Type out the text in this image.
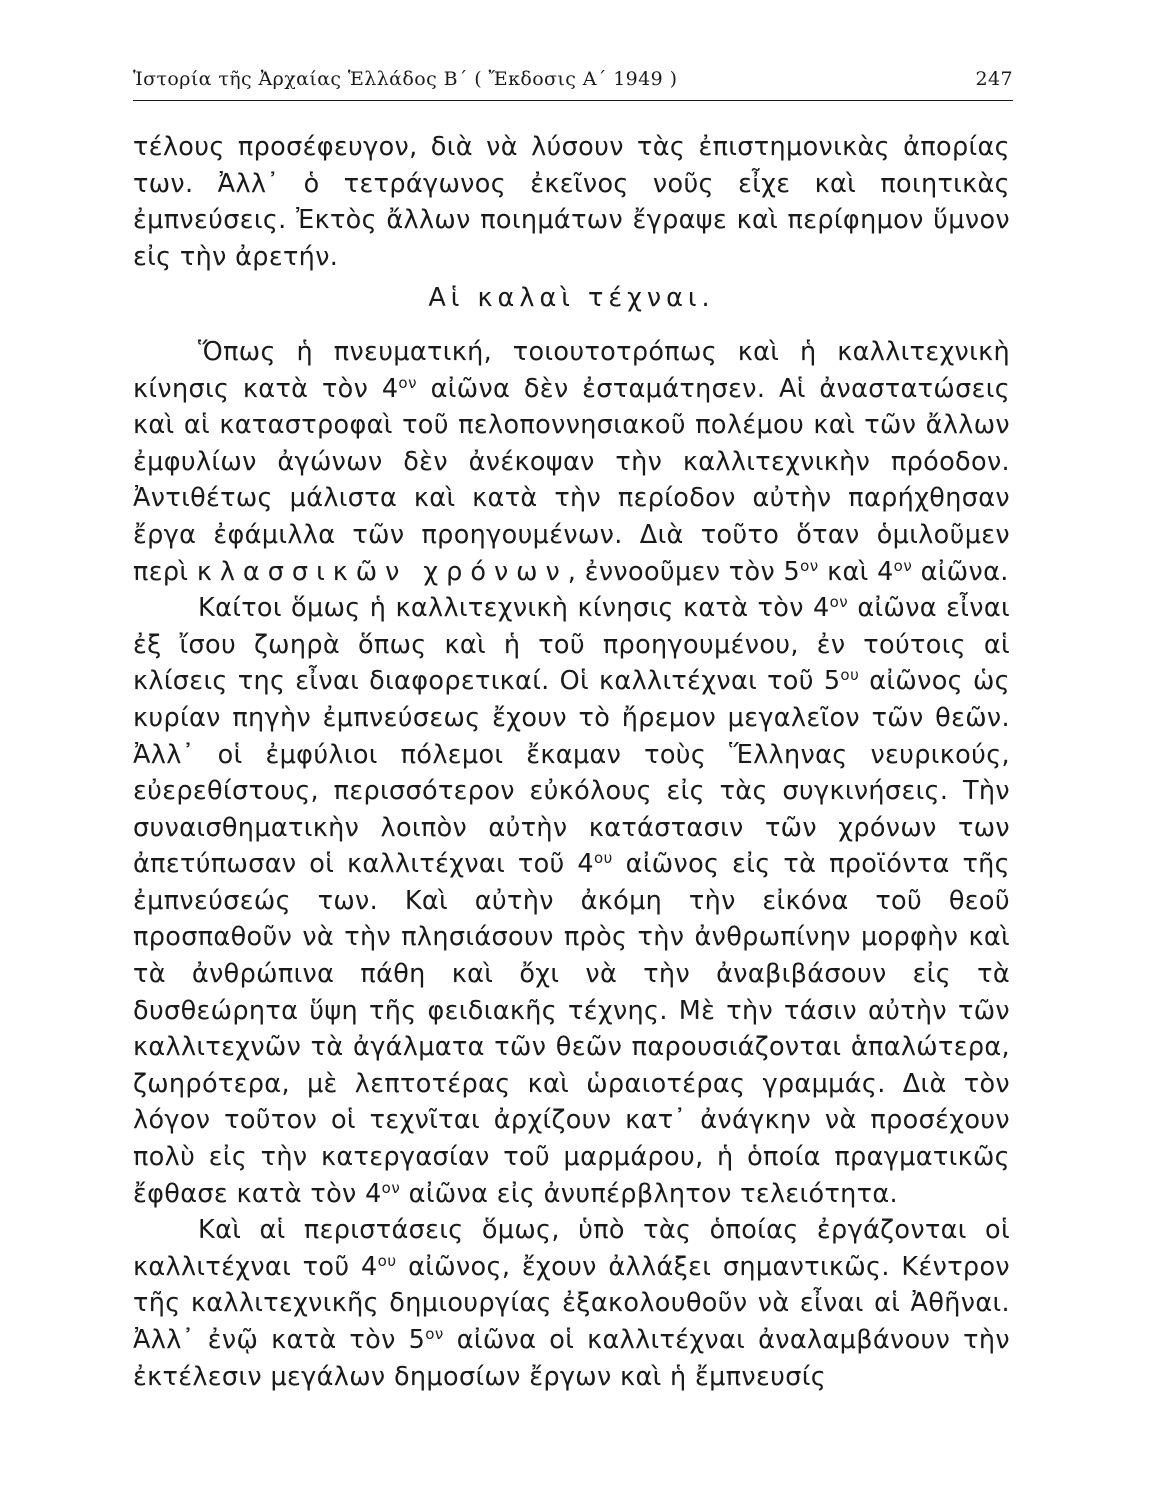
Ἱστορία τῆς Ἀρχαίας Ἑλλάδος Β΄ ( Ἔκδοσις Α΄ 1949 )	247

τέλους προσέφευγον, διὰ νὰ λύσουν τὰς ἐπιστημονικὰς ἀπορίας των. Ἀλλ᾽ ὁ τετράγωνος ἐκεῖνος νοῦς εἶχε καὶ ποιητικὰς ἐμπνεύσεις. Ἐκτὸς ἄλλων ποιημάτων ἔγραψε καὶ περίφημον ὕμνον εἰς τὴν ἀρετήν.

Αἱ καλαὶ τέχναι.

Ὅπως ἡ πνευματική, τοιουτοτρόπως καὶ ἡ καλλιτεχνικὴ κίνησις κατὰ τὸν $4^{o\nu}$ αἰῶνα δὲν ἐσταμάτησεν. Αἱ ἀναστατώσεις καὶ αἱ καταστροφαὶ τοῦ πελοποννησιακοῦ πολέμου καὶ τῶν ἄλλων ἐμφυλίων ἀγώνων δὲν ἀνέκοψαν τὴν καλλιτεχνικὴν πρόοδον. Ἀντιθέτως μάλιστα καὶ κατὰ τὴν περίοδον αὐτὴν παρήχθησαν ἔργα ἐφάμιλλα τῶν προηγουμένων. Διὰ τοῦτο ὅταν ὁμιλοῦμεν περὶ κλασσικῶν χρόνων, ἐννοοῦμεν τὸν $5^{o\nu}$ καὶ $4^{o\nu}$ αἰῶνα.

Καίτοι ὅμως ἡ καλλιτεχνικὴ κίνησις κατὰ τὸν $4^{o\nu}$ αἰῶνα εἶναι ἐξ ἴσου ζωηρὰ ὅπως καὶ ἡ τοῦ προηγουμένου, ἐν τούτοις αἱ κλίσεις της εἶναι διαφορετικαί. Οἱ καλλιτέχναι τοῦ $5^{o\upsilon}$ αἰῶνος ὡς κυρίαν πηγὴν ἐμπνεύσεως ἔχουν τὸ ἤρεμον μεγαλεῖον τῶν θεῶν. Ἀλλ᾽ οἱ ἐμφύλιοι πόλεμοι ἔκαμαν τοὺς Ἕλληνας νευρικούς, εὐερεθίστους, περισσότερον εὐκόλους εἰς τὰς συγκινήσεις. Τὴν συναισθηματικὴν λοιπὸν αὐτὴν κατάστασιν τῶν χρόνων των ἀπετύπωσαν οἱ καλλιτέχναι τοῦ $4^{o\upsilon}$ αἰῶνος εἰς τὰ προϊόντα τῆς ἐμπνεύσεώς των. Καὶ αὐτὴν ἀκόμη τὴν εἰκόνα τοῦ θεοῦ προσπαθοῦν νὰ τὴν πλησιάσουν πρὸς τὴν ἀνθρωπίνην μορφὴν καὶ τὰ ἀνθρώπινα πάθη καὶ ὄχι νὰ τὴν ἀναβιβάσουν εἰς τὰ δυσθεώρητα ὕψη τῆς φειδιακῆς τέχνης. Μὲ τὴν τάσιν αὐτὴν τῶν καλλιτεχνῶν τὰ ἀγάλματα τῶν θεῶν παρουσιάζονται ἁπαλώτερα, ζωηρότερα, μὲ λεπτοτέρας καὶ ὡραιοτέρας γραμμάς. Διὰ τὸν λόγον τοῦτον οἱ τεχνῖται ἀρχίζουν κατ᾽ ἀνάγκην νὰ προσέχουν πολὺ εἰς τὴν κατεργασίαν τοῦ μαρμάρου, ἡ ὁποία πραγματικῶς ἔφθασε κατὰ τὸν $4^{o\nu}$ αἰῶνα εἰς ἀνυπέρβλητον τελειότητα.

Καὶ αἱ περιστάσεις ὅμως, ὑπὸ τὰς ὁποίας ἐργάζονται οἱ καλλιτέχναι τοῦ $4^{o\upsilon}$ αἰῶνος, ἔχουν ἀλλάξει σημαντικῶς. Κέντρον τῆς καλλιτεχνικῆς δημιουργίας ἐξακολουθοῦν νὰ εἶναι αἱ Ἀθῆναι. Ἀλλ᾽ ἐνῷ κατὰ τὸν $5^{o\nu}$ αἰῶνα οἱ καλλιτέχναι ἀναλαμβάνουν τὴν ἐκτέλεσιν μεγάλων δημοσίων ἔργων καὶ ἡ ἔμπνευσίς
